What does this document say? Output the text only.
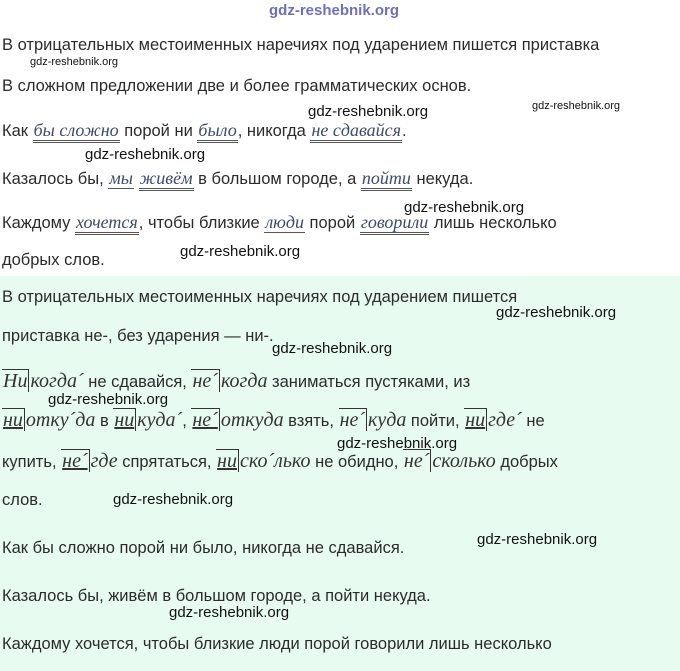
gdz-reshebnik.org
В отрицательных местоименных наречиях под ударением пишется приставка
gdz-reshebnik.org
В сложном предложении две и более грамматических основ.
gdz-reshebnik.org	gdz-reshebnik.org
Как бы сложно порой ни было, никогда не сдавайся.
gdz-reshebnik.org
Казалось бы, мы живём в большом городе, а пойти некуда.
gdz-reshebnik.org
Каждому хочется, чтобы близкие люди порой говорили лишь несколько
gdz-reshebnik.org
добрых слов.
В отрицательных местоименных наречиях под ударением пишется
gdz-reshebnik.org
приставка не-, без ударения — ни-.
gdz-reshebnik.org
Ни когда´ не сдавайся, не´ когда заниматься пустяками, из
gdz-reshebnik.org
ни отку´да в ни куда´, не´ откуда взять, не´ куда пойти, ни где´ не
gdz-reshebnik.org
купить, не´ где спрятаться, ни ско´лько не обидно, не´ сколько добрых
слов.	gdz-reshebnik.org
Как бы сложно порой ни было, никогда не сдавайся.	gdz-reshebnik.org
Казалось бы, живём в большом городе, а пойти некуда.
gdz-reshebnik.org
Каждому хочется, чтобы близкие люди порой говорили лишь несколько
